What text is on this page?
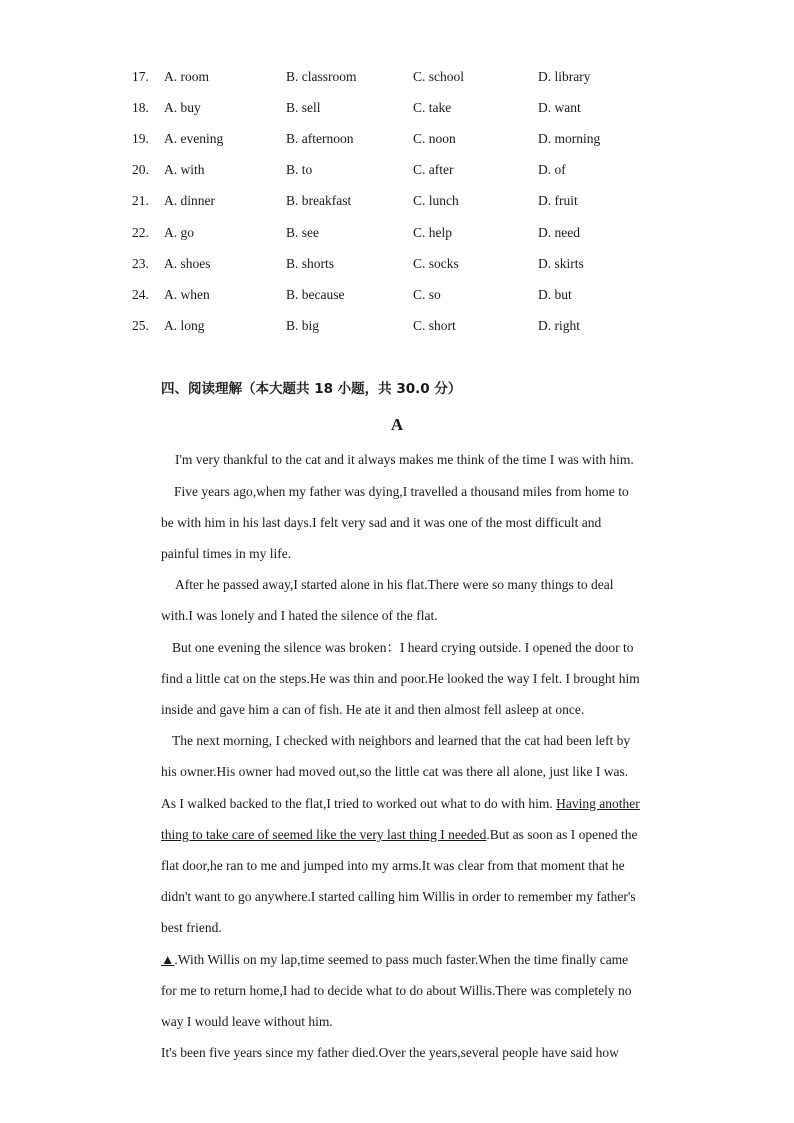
17. A. room	B. classroom	C. school	D. library
18. A. buy	B. sell	C. take	D. want
19. A. evening	B. afternoon	C. noon	D. morning
20. A. with	B. to	C. after	D. of
21. A. dinner	B. breakfast	C. lunch	D. fruit
22. A. go	B. see	C. help	D. need
23. A. shoes	B. shorts	C. socks	D. skirts
24. A. when	B. because	C. so	D. but
25. A. long	B. big	C. short	D. right
四、阅读理解（本大题共 18 小题，共 30.0 分）
A
I'm very thankful to the cat and it always makes me think of the time I was with him.
Five years ago,when my father was dying,I travelled a thousand miles from home to
be with him in his last days.I felt very sad and it was one of the most difficult and
painful times in my life.
After he passed away,I started alone in his flat.There were so many things to deal
with.I was lonely and I hated the silence of the flat.
But one evening the silence was broken：I heard crying outside. I opened the door to
find a little cat on the steps.He was thin and poor.He looked the way I felt. I brought him
inside and gave him a can of fish. He ate it and then almost fell asleep at once.
The next morning, I checked with neighbors and learned that the cat had been left by
his owner.His owner had moved out,so the little cat was there all alone, just like I was.
As I walked backed to the flat,I tried to worked out what to do with him. Having another
thing to take care of seemed like the very last thing I needed.But as soon as I opened the
flat door,he ran to me and jumped into my arms.It was clear from that moment that he
didn't want to go anywhere.I started calling him Willis in order to remember my father's
best friend.
▲.With Willis on my lap,time seemed to pass much faster.When the time finally came
for me to return home,I had to decide what to do about Willis.There was completely no
way I would leave without him.
It's been five years since my father died.Over the years,several people have said how
